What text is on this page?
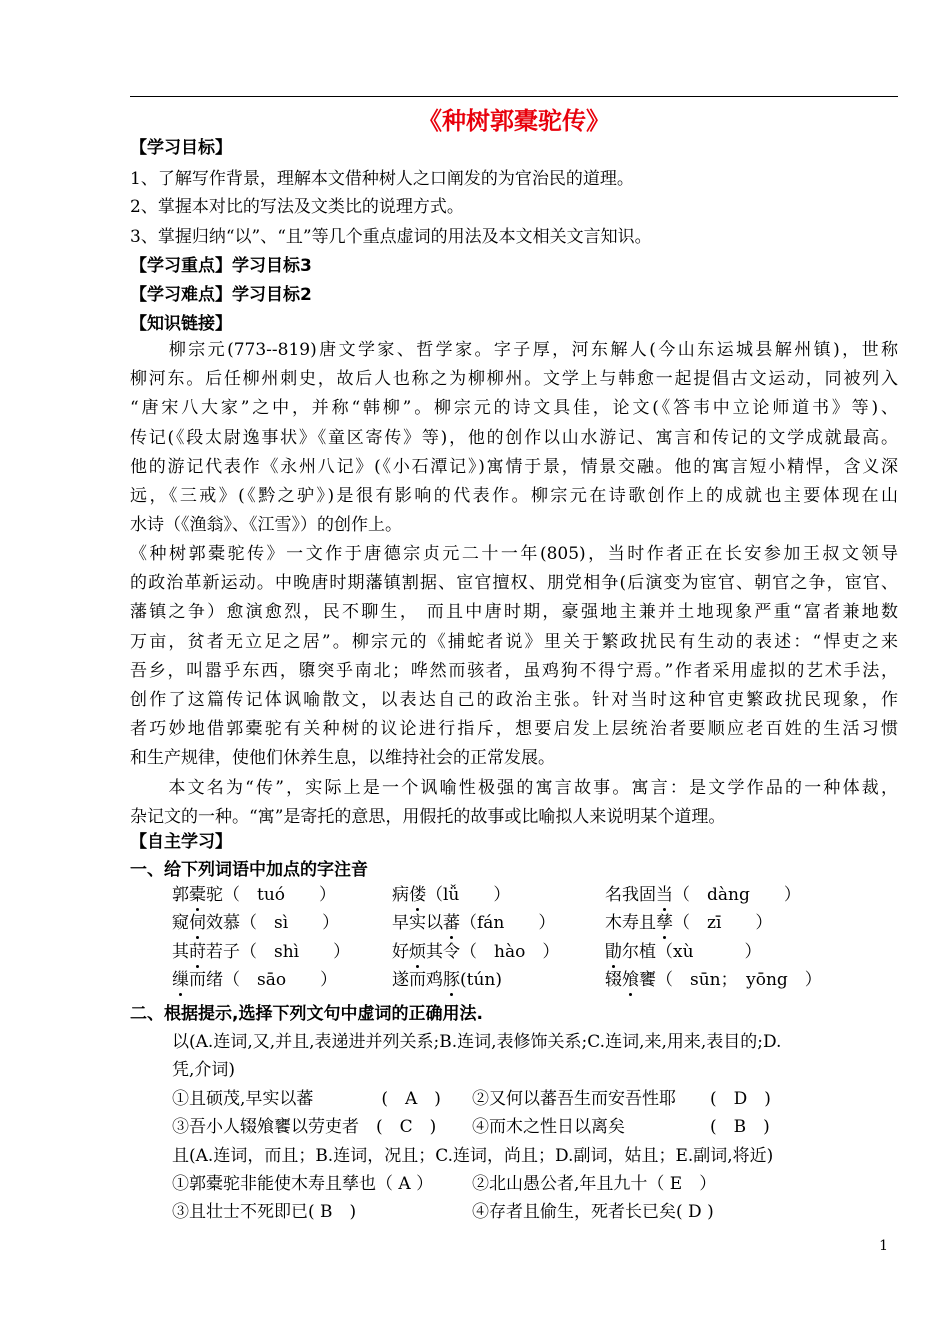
《种树郭橐驼传》
【学习目标】
1、了解写作背景，理解本文借种树人之口阐发的为官治民的道理。
2、掌握本对比的写法及文类比的说理方式。
3、掌握归纳“以”、“且”等几个重点虚词的用法及本文相关文言知识。
【学习重点】学习目标3
【学习难点】学习目标2
【知识链接】

　　柳宗元(773--819)唐文学家、哲学家。字子厚，河东解人(今山东运城县解州镇)，世称

柳河东。后任柳州刺史，故后人也称之为柳柳州。文学上与韩愈一起提倡古文运动，同被列入

“唐宋八大家”之中，并称“韩柳”。柳宗元的诗文具佳，论文(《答韦中立论师道书》等)、

传记(《段太尉逸事状》《童区寄传》等)，他的创作以山水游记、寓言和传记的文学成就最高。

他的游记代表作《永州八记》(《小石潭记》)寓情于景，情景交融。他的寓言短小精悍，含义深

远，《三戒》(《黔之驴》)是很有影响的代表作。柳宗元在诗歌创作上的成就也主要体现在山

水诗（《渔翁》、《江雪》）的创作上。

《种树郭橐驼传》一文作于唐德宗贞元二十一年(805)，当时作者正在长安参加王叔文领导

的政治革新运动。中晚唐时期藩镇割据、宦官擅权、朋党相争(后演变为宦官、朝官之争，宦官、

藩镇之争）愈演愈烈，民不聊生， 而且中唐时期，豪强地主兼并土地现象严重“富者兼地数

万亩，贫者无立足之居”。柳宗元的《捕蛇者说》里关于繁政扰民有生动的表述：“悍吏之来

吾乡，叫嚣乎东西，隳突乎南北；哗然而骇者，虽鸡狗不得宁焉。”作者采用虚拟的艺术手法，

创作了这篇传记体讽喻散文，以表达自己的政治主张。针对当时这种官吏繁政扰民现象，作

者巧妙地借郭橐驼有关种树的议论进行指斥，想要启发上层统治者要顺应老百姓的生活习惯

和生产规律，使他们休养生息，以维持社会的正常发展。

　　本文名为“传”，实际上是一个讽喻性极强的寓言故事。寓言：是文学作品的一种体裁，

杂记文的一种。“寓”是寄托的意思，用假托的故事或比喻拟人来说明某个道理。

【自主学习】
一、给下列词语中加点的字注音
郭橐驼（　tuó　　）	病偻（lǚ　　）	名我固当（　dàng　　）
窥伺效慕（　sì　　）	早实以蕃（fán　　）	木寿且孳（　zī　　）
其莳若子（　shì　　） 好烦其令（　hào　）	勖尔植（xù　　　）
缫而绪（　sāo　　）	遂而鸡豚(tún)	辍飧饔（　sūn；　yōng　）
二、根据提示,选择下列文句中虚词的正确用法.
以(A.连词,又,并且,表递进并列关系;B.连词,表修饰关系;C.连词,来,用来,表目的;D.
凭,介词)
①且硕茂,早实以蕃　　　　(　A　) ②又何以蕃吾生而安吾性耶　　(　D　)
③吾小人辍飧饔以劳吏者　(　C　) ④而木之性日以离矣　　　　　(　B　)
且(A.连词，而且；B.连词，况且；C.连词，尚且；D.副词，姑且；E.副词,将近)
①郭橐驼非能使木寿且孳也（ A ） ②北山愚公者,年且九十（ E　）
③且壮士不死即已( B　)	④存者且偷生，死者长已矣( D )
1
